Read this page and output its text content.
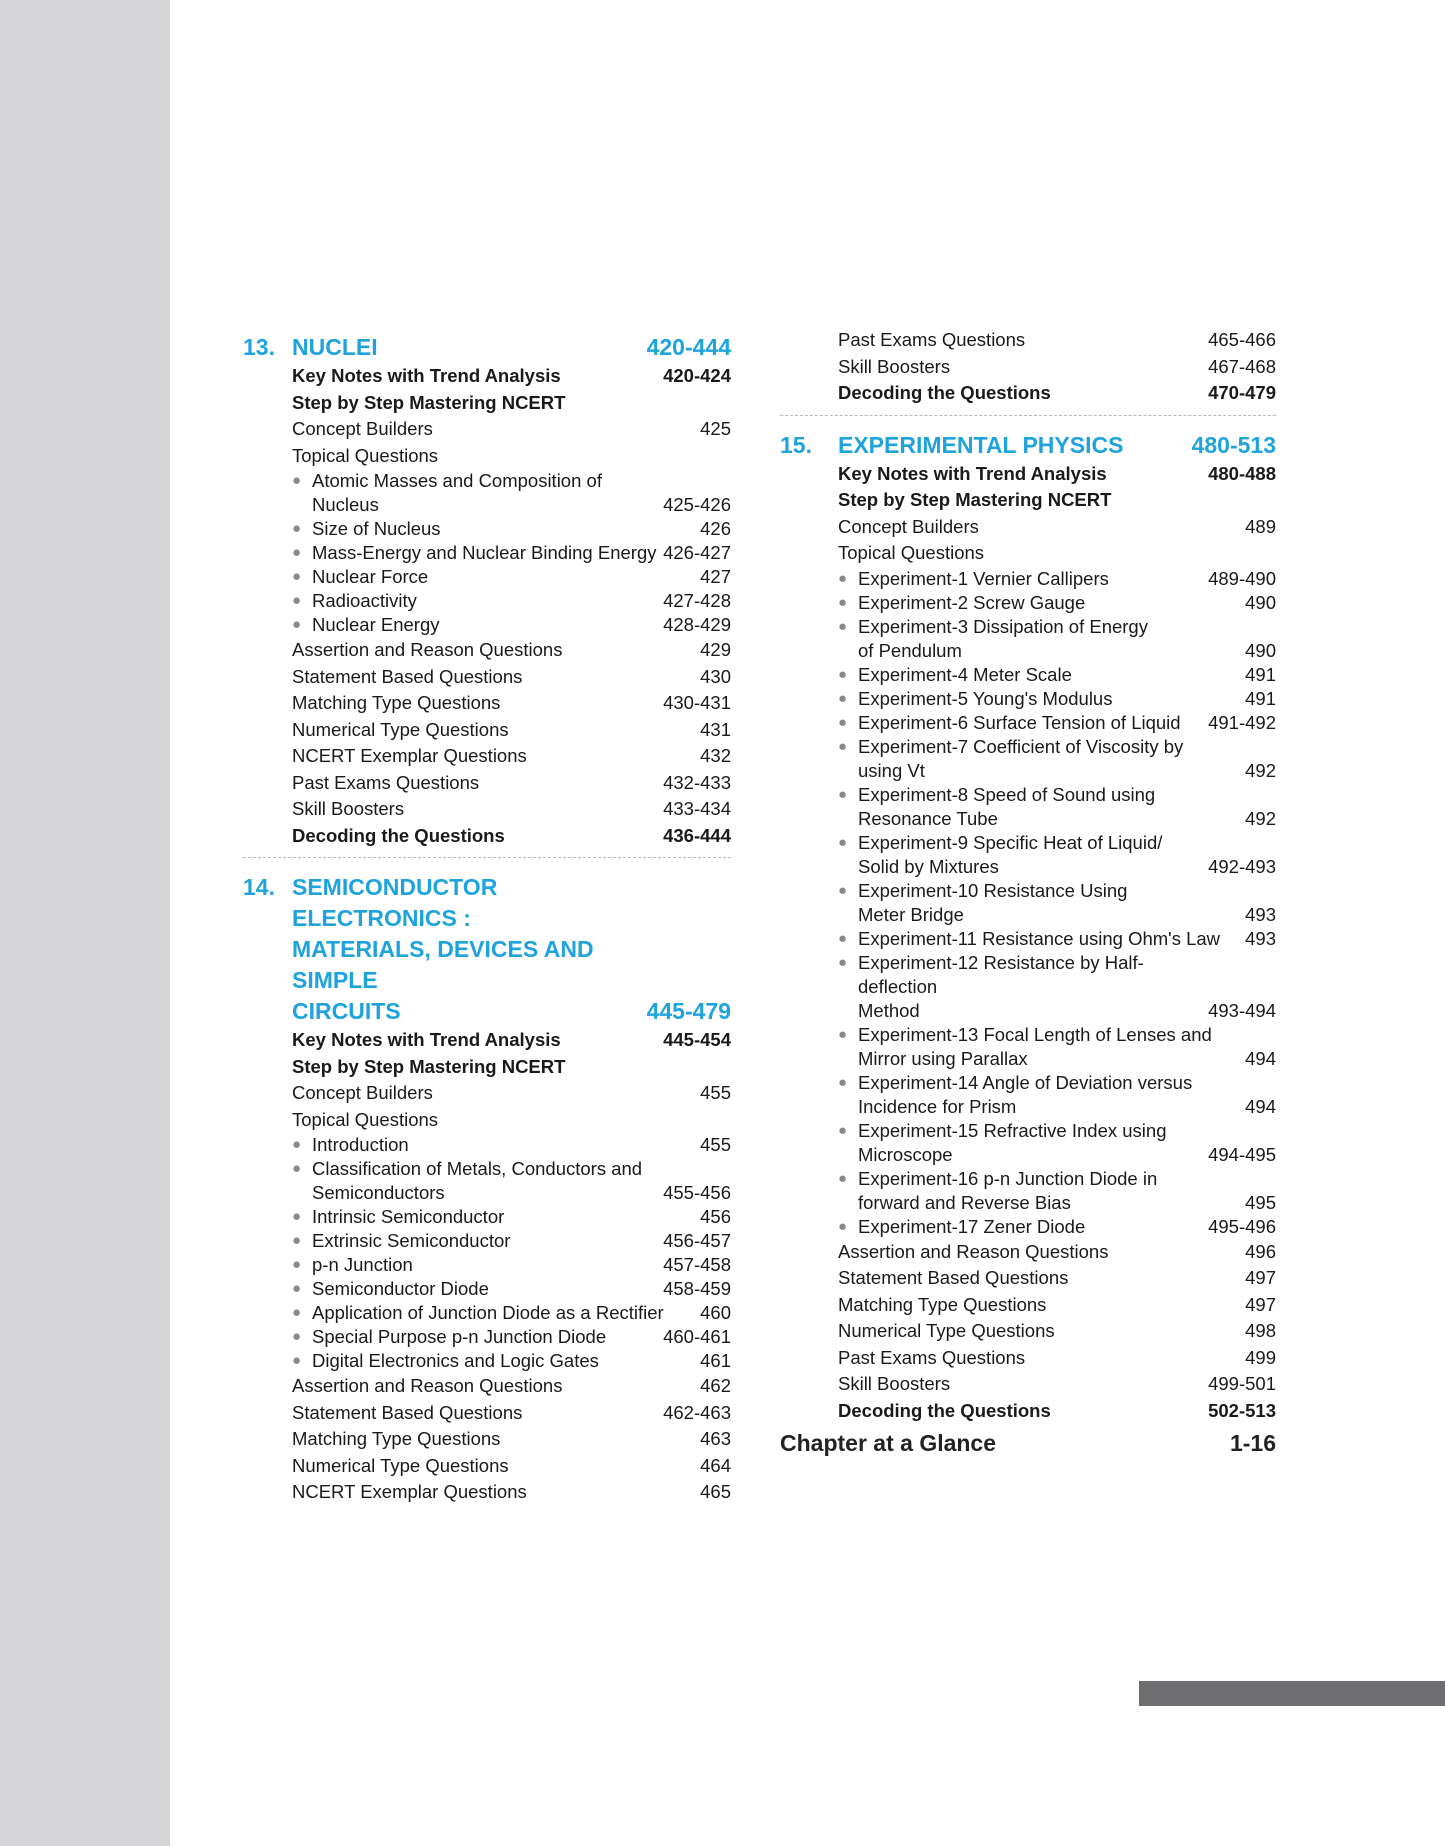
13. NUCLEI	420-444
Key Notes with Trend Analysis	420-424
Step by Step Mastering NCERT
Concept Builders	425
Topical Questions
● Atomic Masses and Composition of
Nucleus	425-426
● Size of Nucleus	426
● Mass-Energy and Nuclear Binding Energy 426-427
● Nuclear Force	427
● Radioactivity	427-428
● Nuclear Energy	428-429
Assertion and Reason Questions	429
Statement Based Questions	430
Matching Type Questions	430-431
Numerical Type Questions	431
NCERT Exemplar Questions	432
Past Exams Questions	432-433
Skill Boosters	433-434
Decoding the Questions	436-444
14. SEMICONDUCTOR ELECTRONICS :
MATERIALS, DEVICES AND SIMPLE
CIRCUITS	445-479
Key Notes with Trend Analysis	445-454
Step by Step Mastering NCERT
Concept Builders	455
Topical Questions
● Introduction	455
● Classification of Metals, Conductors and
Semiconductors	455-456
● Intrinsic Semiconductor	456
● Extrinsic Semiconductor	456-457
● p-n Junction	457-458
● Semiconductor Diode	458-459
● Application of Junction Diode as a Rectifier	460
● Special Purpose p-n Junction Diode	460-461
● Digital Electronics and Logic Gates	461
Assertion and Reason Questions	462
Statement Based Questions	462-463
Matching Type Questions	463
Numerical Type Questions	464
NCERT Exemplar Questions	465
Past Exams Questions	465-466
Skill Boosters	467-468
Decoding the Questions	470-479
15.	EXPERIMENTAL PHYSICS	480-513
Key Notes with Trend Analysis	480-488
Step by Step Mastering NCERT
Concept Builders	489
Topical Questions
● Experiment-1 Vernier Callipers	489-490
● Experiment-2 Screw Gauge	490
● Experiment-3 Dissipation of Energy
of Pendulum	490
● Experiment-4 Meter Scale	491
● Experiment-5 Young's Modulus	491
● Experiment-6 Surface Tension of Liquid	491-492
● Experiment-7 Coefficient of Viscosity by
using Vt	492
● Experiment-8 Speed of Sound using
Resonance Tube	492
● Experiment-9 Specific Heat of Liquid/
Solid by Mixtures	492-493
● Experiment-10 Resistance Using
Meter Bridge	493
● Experiment-11 Resistance using Ohm's Law	493
● Experiment-12 Resistance by Half-deflection
Method	493-494
● Experiment-13 Focal Length of Lenses and
Mirror using Parallax	494
● Experiment-14 Angle of Deviation versus
Incidence for Prism	494
● Experiment-15 Refractive Index using
Microscope	494-495
● Experiment-16 p-n Junction Diode in
forward and Reverse Bias	495
● Experiment-17 Zener Diode	495-496
Assertion and Reason Questions	496
Statement Based Questions	497
Matching Type Questions	497
Numerical Type Questions	498
Past Exams Questions	499
Skill Boosters	499-501
Decoding the Questions	502-513
Chapter at a Glance	1-16
